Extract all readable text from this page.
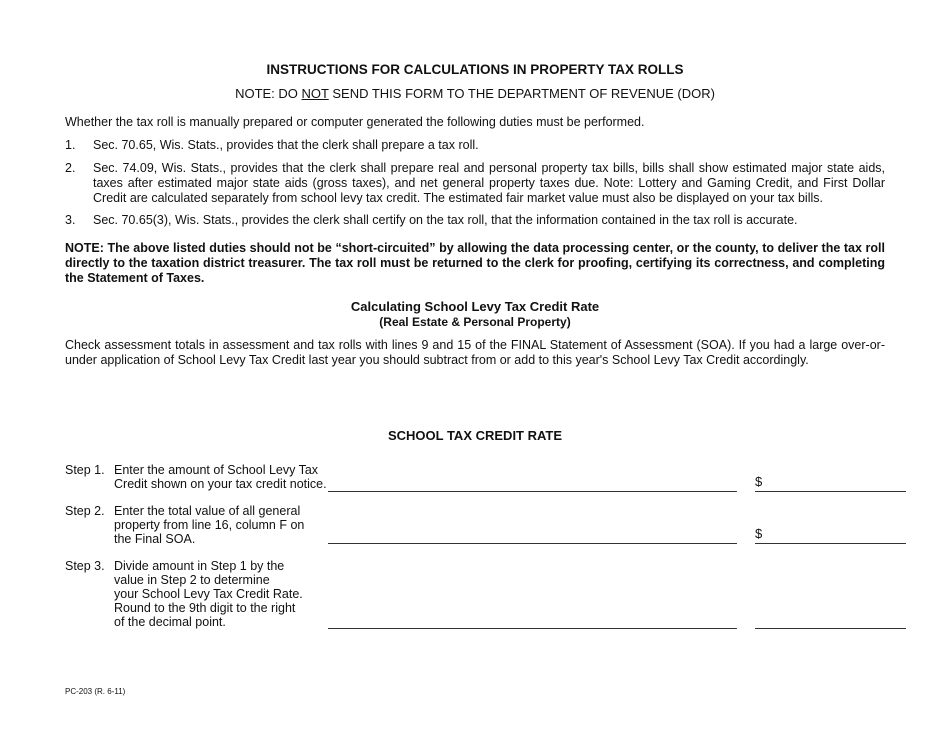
INSTRUCTIONS FOR CALCULATIONS IN PROPERTY TAX ROLLS
NOTE: DO NOT SEND THIS FORM TO THE DEPARTMENT OF REVENUE (DOR)
Whether the tax roll is manually prepared or computer generated the following duties must be performed.
1. Sec. 70.65, Wis. Stats., provides that the clerk shall prepare a tax roll.
2. Sec. 74.09, Wis. Stats., provides that the clerk shall prepare real and personal property tax bills, bills shall show estimated major state aids, taxes after estimated major state aids (gross taxes), and net general property taxes due. Note: Lottery and Gaming Credit, and First Dollar Credit are calculated separately from school levy tax credit. The estimated fair market value must also be displayed on your tax bills.
3. Sec. 70.65(3), Wis. Stats., provides the clerk shall certify on the tax roll, that the information contained in the tax roll is accurate.
NOTE: The above listed duties should not be “short-circuited” by allowing the data processing center, or the county, to deliver the tax roll directly to the taxation district treasurer. The tax roll must be returned to the clerk for proofing, certifying its correctness, and completing the Statement of Taxes.
Calculating School Levy Tax Credit Rate
(Real Estate & Personal Property)
Check assessment totals in assessment and tax rolls with lines 9 and 15 of the FINAL Statement of Assessment (SOA). If you had a large over-or-under application of School Levy Tax Credit last year you should subtract from or add to this year's School Levy Tax Credit accordingly.
SCHOOL TAX CREDIT RATE
Step 1. Enter the amount of School Levy Tax
Credit shown on your tax credit notice.	$
Step 2. Enter the total value of all general
property from line 16, column F on
the Final SOA.	$
Step 3. Divide amount in Step 1 by the
value in Step 2 to determine
your School Levy Tax Credit Rate.
Round to the 9th digit to the right
of the decimal point.
PC-203 (R. 6-11)
